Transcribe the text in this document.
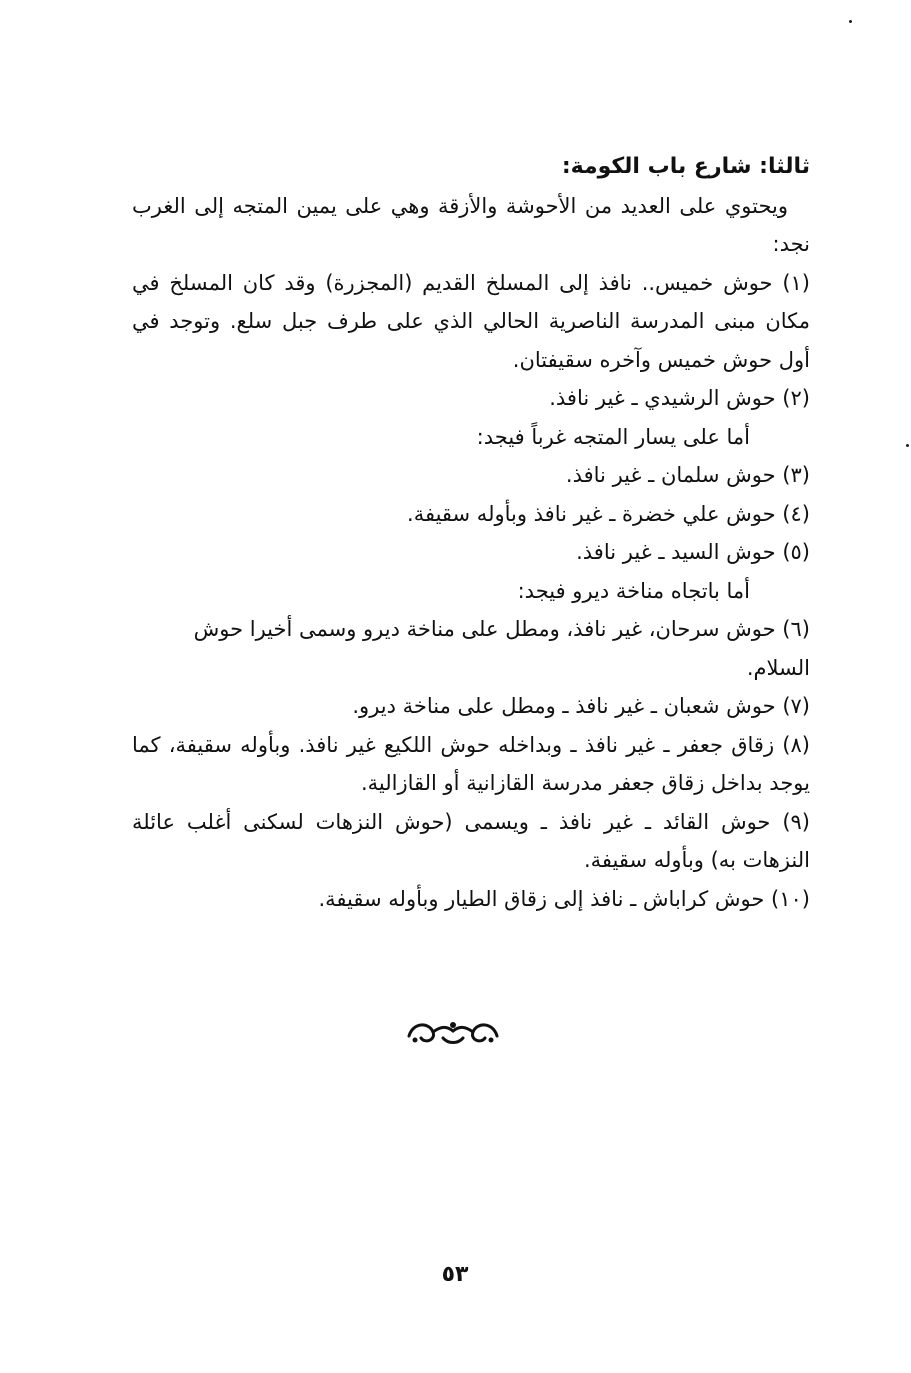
ثالثا: شارع باب الكومة:
ويحتوي على العديد من الأحوشة والأزقة وهي على يمين المتجه إلى الغرب نجد:
(١) حوش خميس.. نافذ إلى المسلخ القديم (المجزرة) وقد كان المسلخ في مكان مبنى المدرسة الناصرية الحالي الذي على طرف جبل سلع. وتوجد في أول حوش خميس وآخره سقيفتان.
(٢) حوش الرشيدي ـ غير نافذ.
أما على يسار المتجه غرباً فيجد:
(٣) حوش سلمان ـ غير نافذ.
(٤) حوش علي خضرة ـ غير نافذ وبأوله سقيفة.
(٥) حوش السيد ـ غير نافذ.
أما باتجاه مناخة ديرو فيجد:
(٦) حوش سرحان، غير نافذ، ومطل على مناخة ديرو وسمى أخيرا حوش السلام.
(٧) حوش شعبان ـ غير نافذ ـ ومطل على مناخة ديرو.
(٨) زقاق جعفر ـ غير نافذ ـ وبداخله حوش اللكيع غير نافذ. وبأوله سقيفة، كما يوجد بداخل زقاق جعفر مدرسة القازانية أو القازالية.
(٩) حوش القائد ـ غير نافذ ـ ويسمى (حوش النزهات لسكنى أغلب عائلة النزهات به) وبأوله سقيفة.
(١٠) حوش كراباش ـ نافذ إلى زقاق الطيار وبأوله سقيفة.
٥٣
